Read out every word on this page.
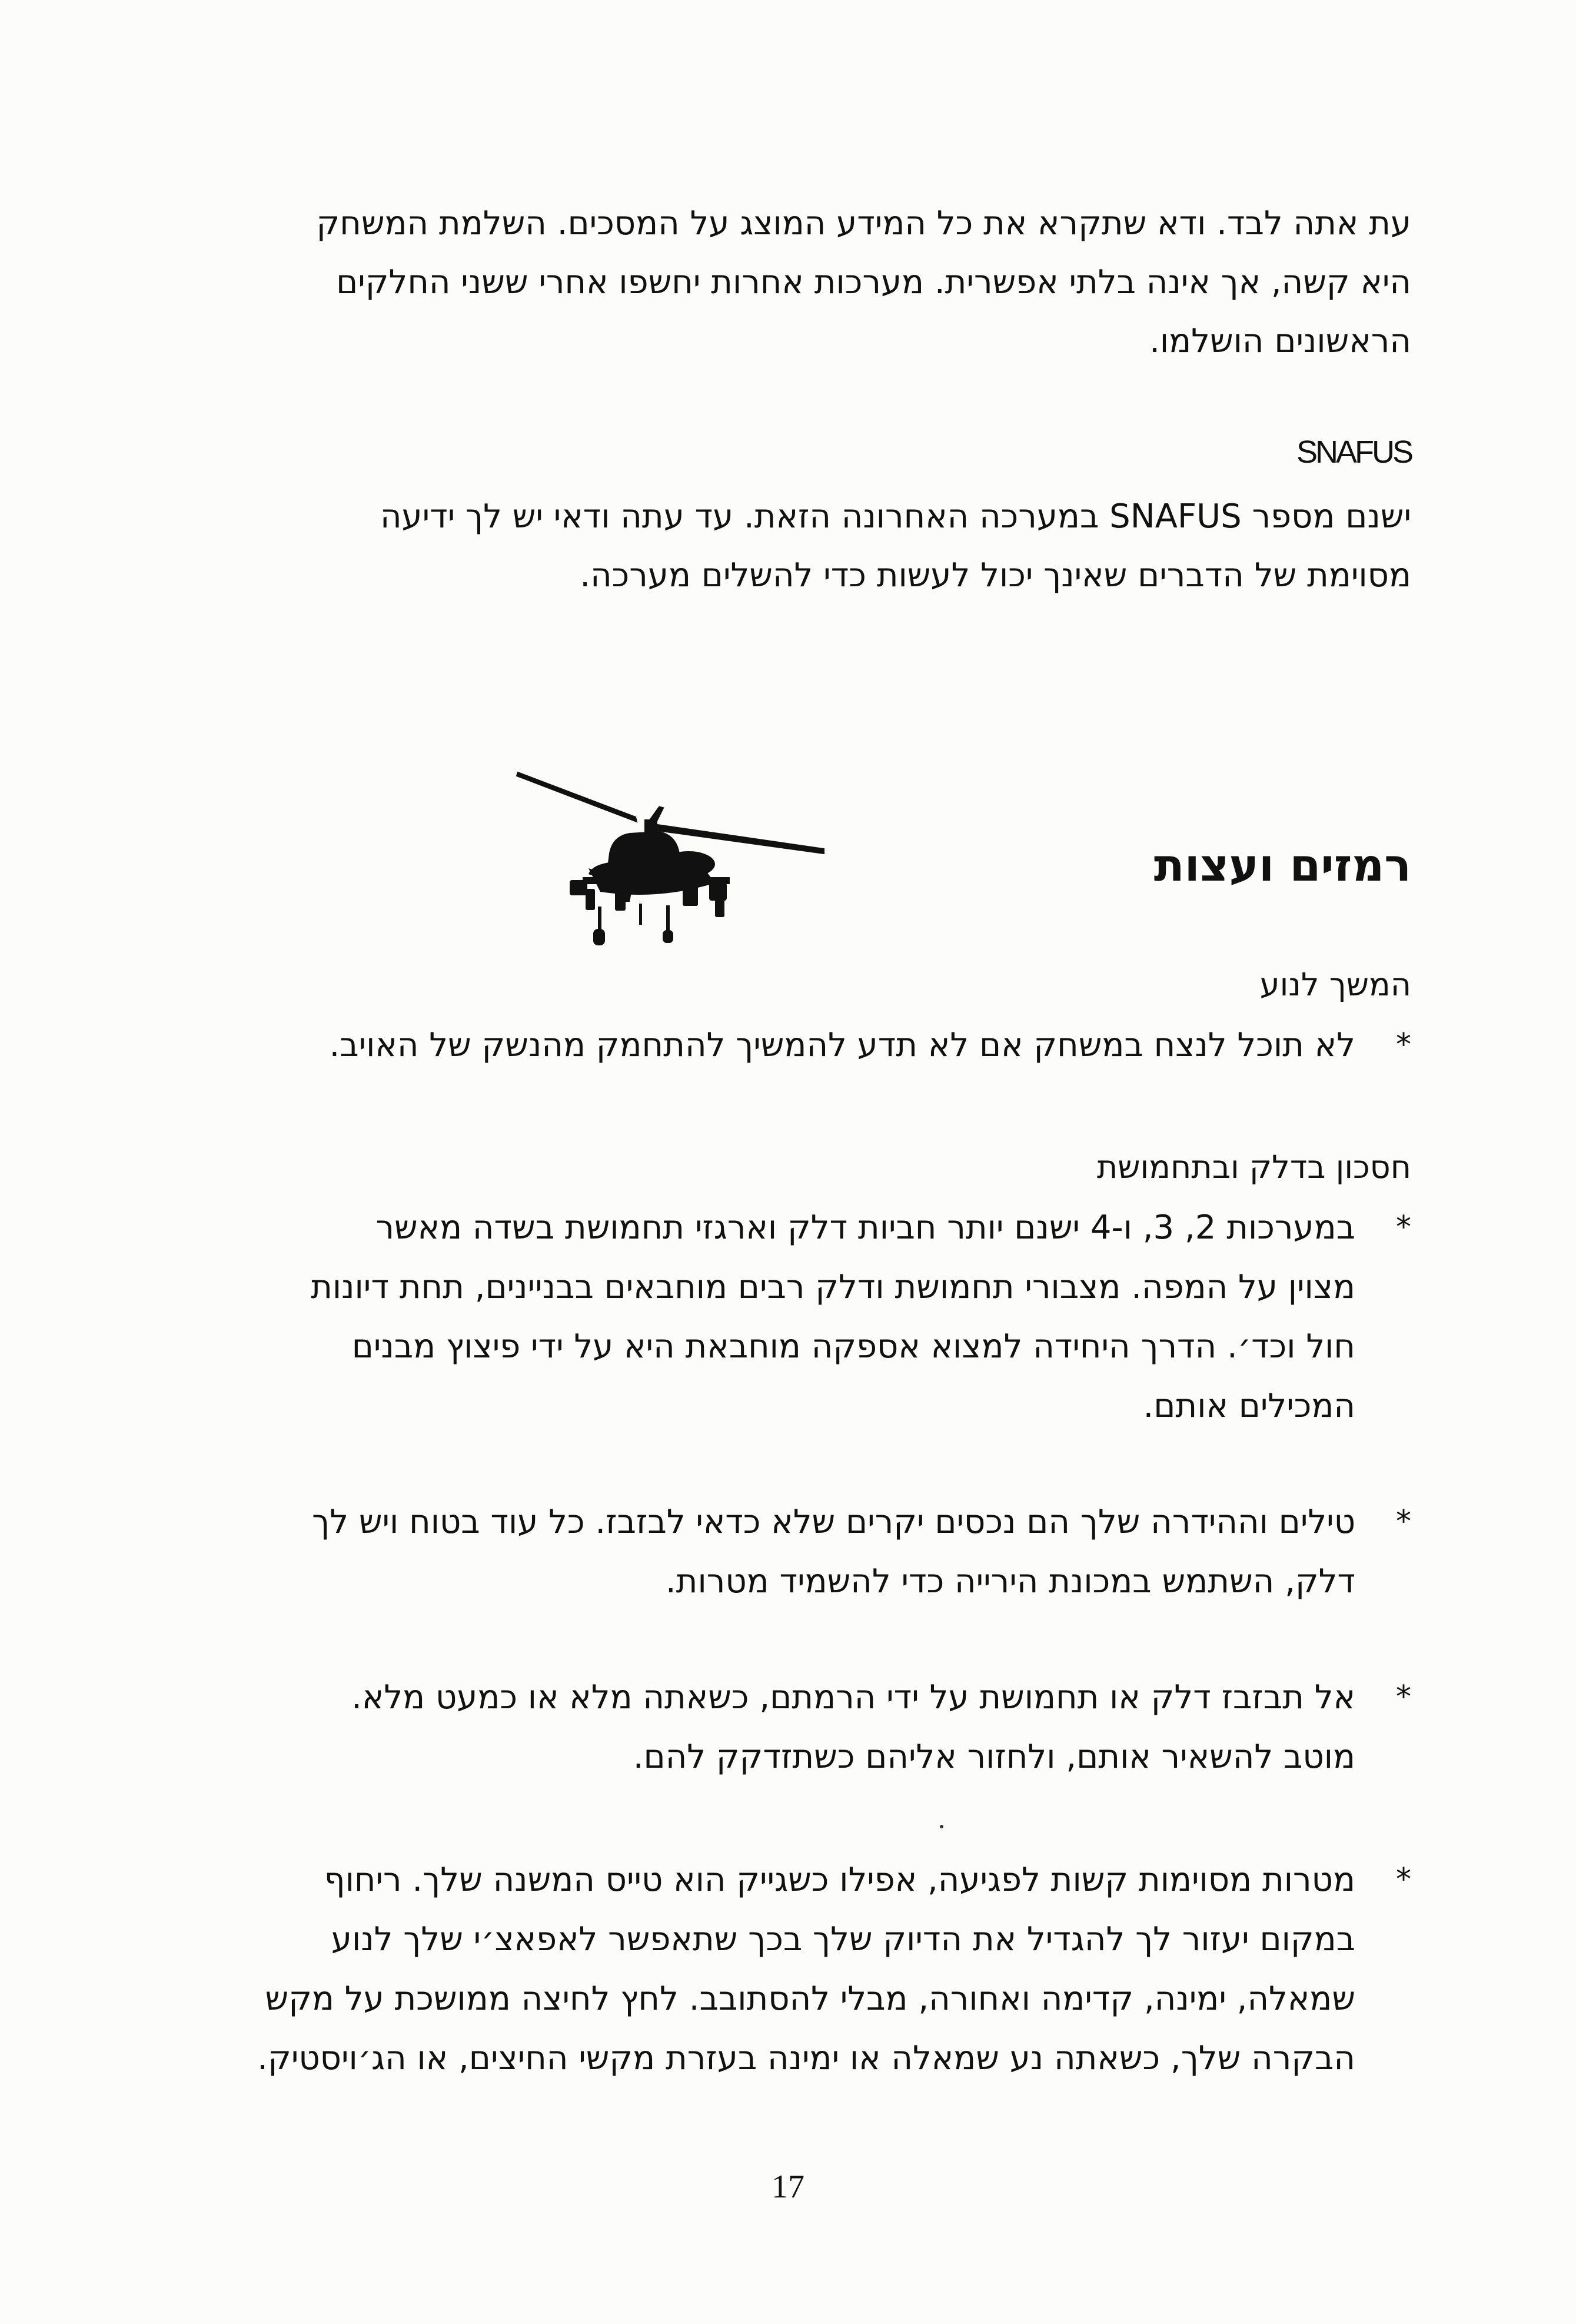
עת אתה לבד. ודא שתקרא את כל המידע המוצג על המסכים. השלמת המשחק
היא קשה, אך אינה בלתי אפשרית. מערכות אחרות יחשפו אחרי ששני החלקים
הראשונים הושלמו.
SNAFUS
ישנם מספר SNAFUS במערכה האחרונה הזאת. עד עתה ודאי יש לך ידיעה
מסוימת של הדברים שאינך יכול לעשות כדי להשלים מערכה.
רמזים ועצות
המשך לנוע
*
לא תוכל לנצח במשחק אם לא תדע להמשיך להתחמק מהנשק של האויב.
חסכון בדלק ובתחמושת
*
במערכות 2, 3, ו-4 ישנם יותר חביות דלק וארגזי תחמושת בשדה מאשר
מצוין על המפה. מצבורי תחמושת ודלק רבים מוחבאים בבניינים, תחת דיונות
חול וכד׳. הדרך היחידה למצוא אספקה מוחבאת היא על ידי פיצוץ מבנים
המכילים אותם.
*
טילים וההידרה שלך הם נכסים יקרים שלא כדאי לבזבז. כל עוד בטוח ויש לך
דלק, השתמש במכונת הירייה כדי להשמיד מטרות.
*
אל תבזבז דלק או תחמושת על ידי הרמתם, כשאתה מלא או כמעט מלא.
מוטב להשאיר אותם, ולחזור אליהם כשתזדקק להם.
*
מטרות מסוימות קשות לפגיעה, אפילו כשגייק הוא טייס המשנה שלך. ריחוף
במקום יעזור לך להגדיל את הדיוק שלך בכך שתאפשר לאפאצ׳י שלך לנוע
שמאלה, ימינה, קדימה ואחורה, מבלי להסתובב. לחץ לחיצה ממושכת על מקש
הבקרה שלך, כשאתה נע שמאלה או ימינה בעזרת מקשי החיצים, או הג׳ויסטיק.
17
